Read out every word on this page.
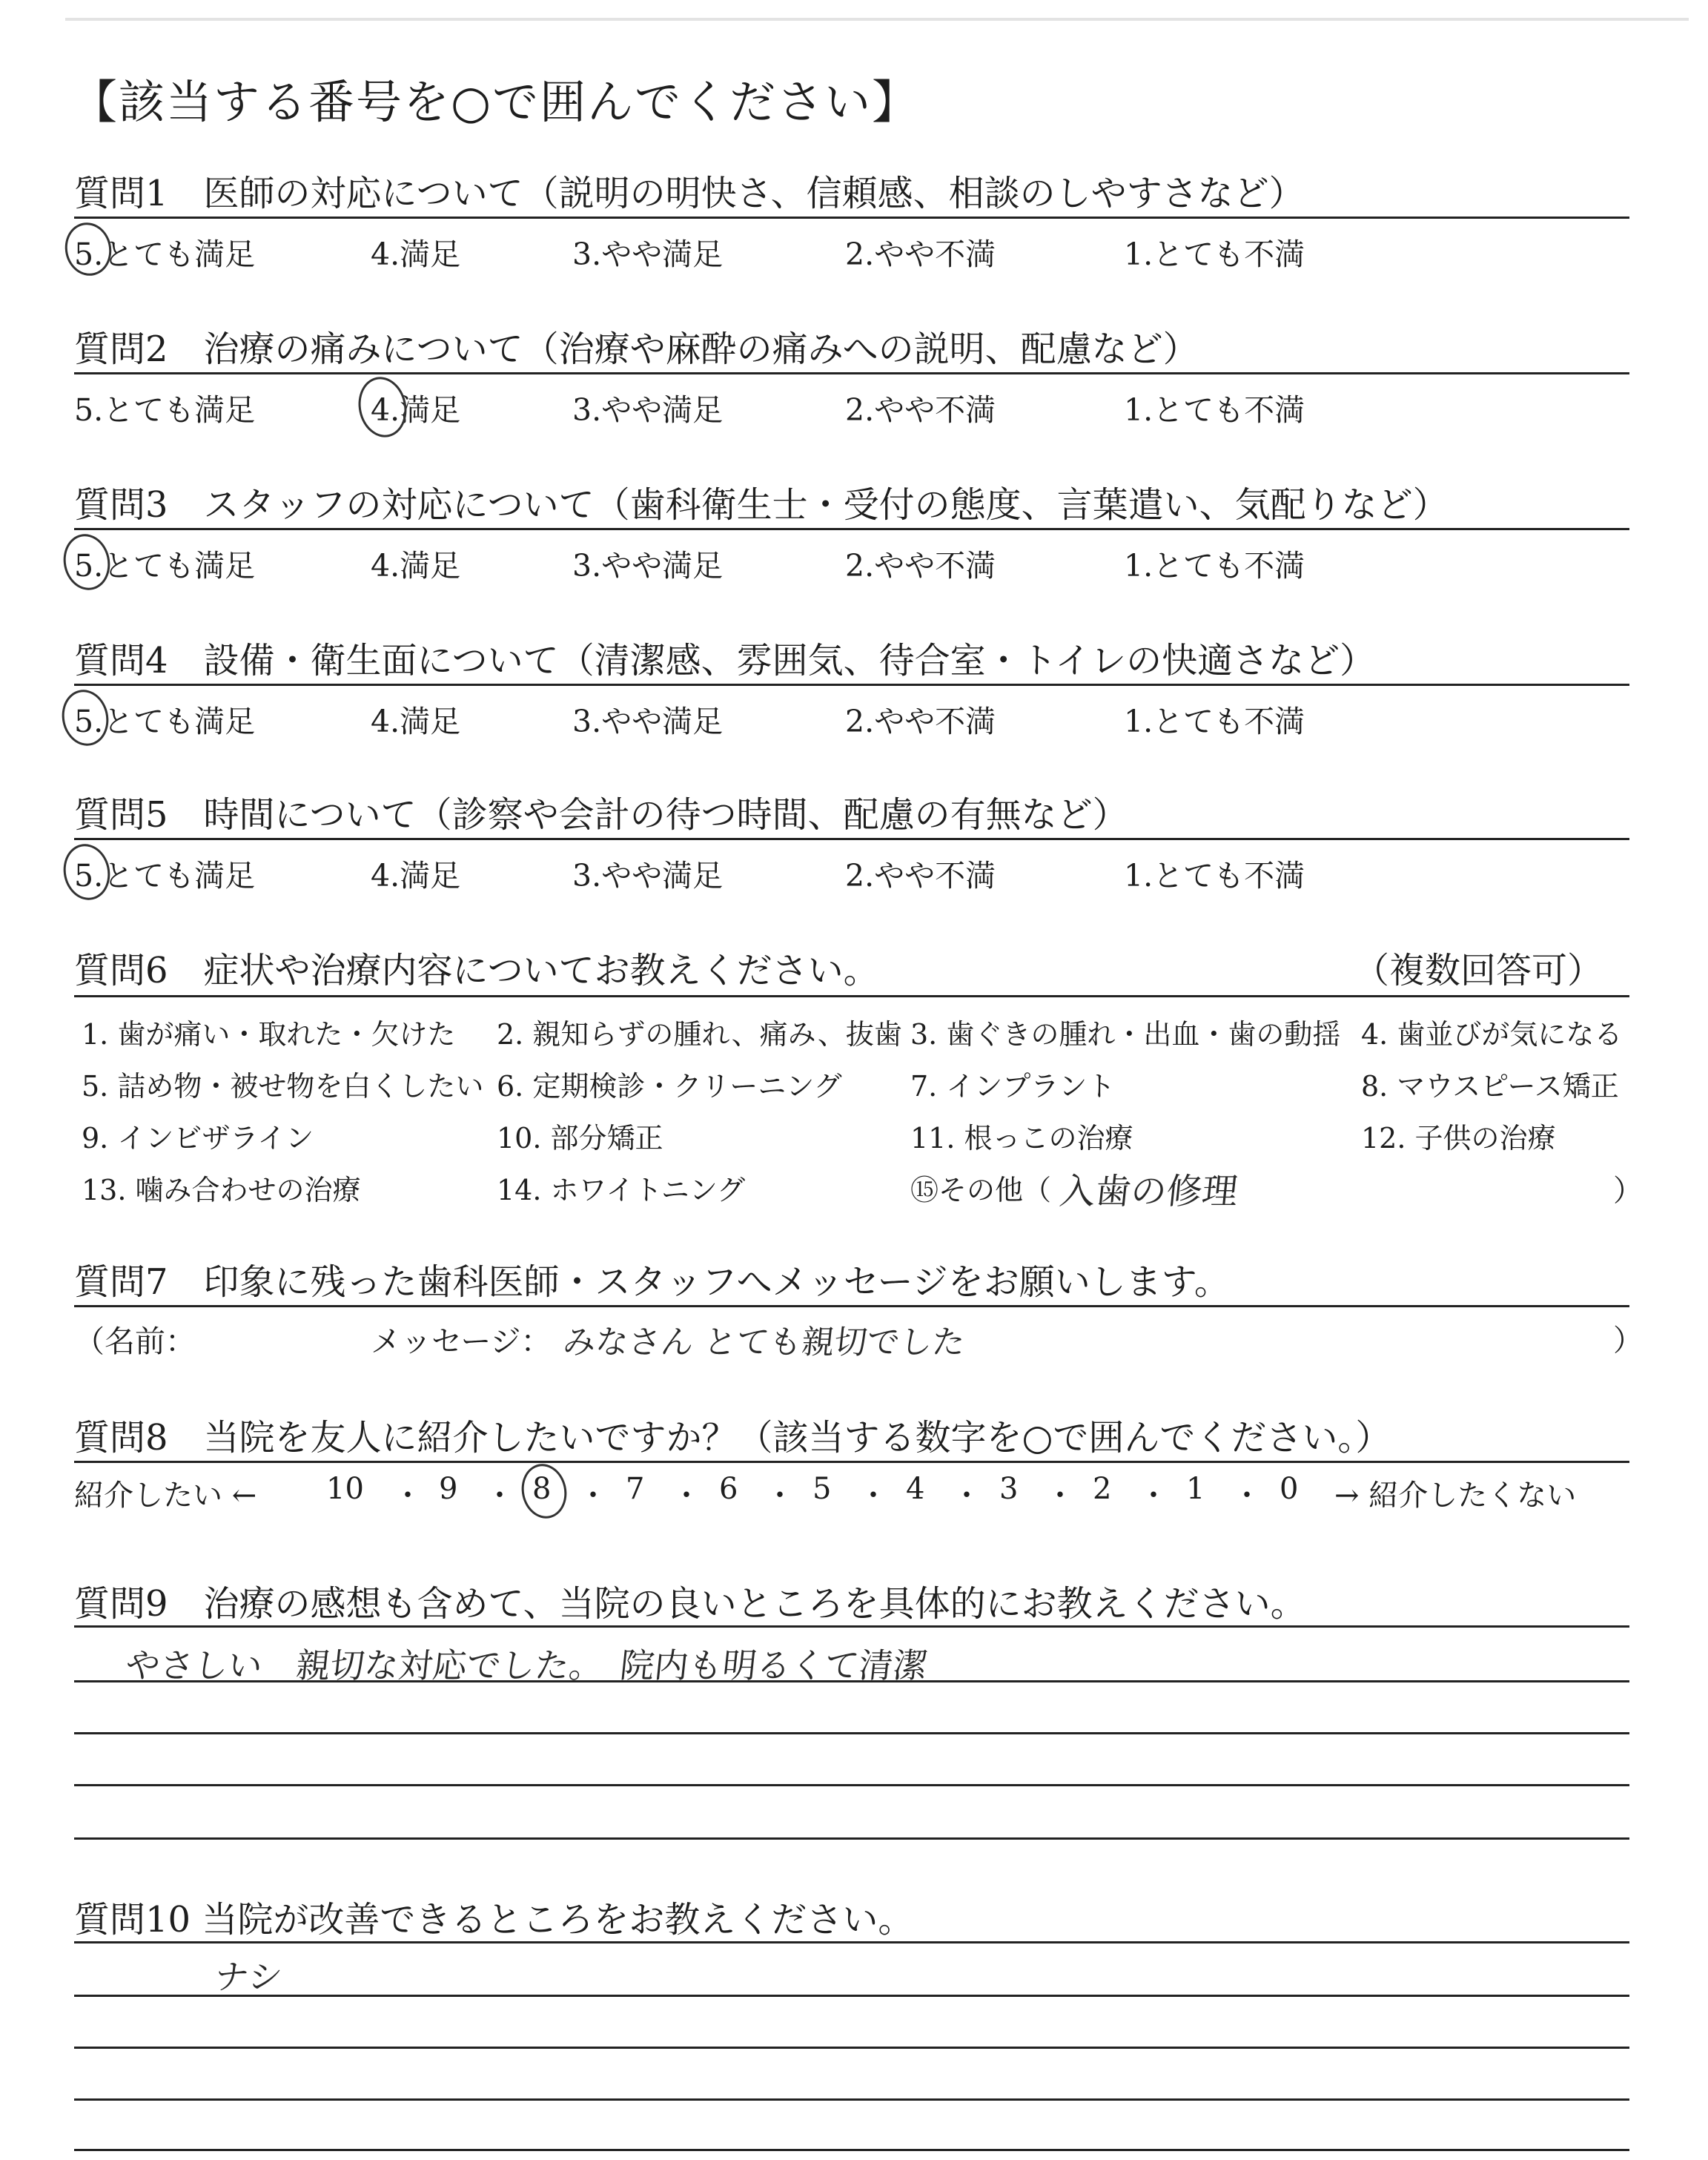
【該当する番号を○で囲んでください】
質問1　医師の対応について（説明の明快さ、信頼感、相談のしやすさなど）
5.とても満足	4.満足	3.やや満足	2.やや不満	1.とても不満
質問2　治療の痛みについて（治療や麻酔の痛みへの説明、配慮など）
5.とても満足	4.満足	3.やや満足	2.やや不満	1.とても不満
質問3　スタッフの対応について（歯科衛生士・受付の態度、言葉遣い、気配りなど）
5.とても満足	4.満足	3.やや満足	2.やや不満	1.とても不満
質問4　設備・衛生面について（清潔感、雰囲気、待合室・トイレの快適さなど）
5.とても満足	4.満足	3.やや満足	2.やや不満	1.とても不満
質問5　時間について（診察や会計の待つ時間、配慮の有無など）
5.とても満足	4.満足	3.やや満足	2.やや不満	1.とても不満
質問6　症状や治療内容についてお教えください。	（複数回答可）
1. 歯が痛い・取れた・欠けた 2. 親知らずの腫れ、痛み、抜歯 3. 歯ぐきの腫れ・出血・歯の動揺 4. 歯並びが気になる
5. 詰め物・被せ物を白くしたい 6. 定期検診・クリーニング 7. インプラント	8. マウスピース矯正
9. インビザライン	10. 部分矯正	11. 根っこの治療	12. 子供の治療
13. 噛み合わせの治療	14. ホワイトニング	⑮その他（ 入歯の修理	）
質問7　印象に残った歯科医師・スタッフへメッセージをお願いします。
（名前：	メッセージ： みなさん とても親切でした	）
質問8　当院を友人に紹介したいですか？（該当する数字を○で囲んでください。）
紹介したい ← 10 ・ 9 ・ 8 ・ 7 ・ 6 ・ 5 ・ 4 ・ 3 ・ 2 ・ 1 ・ 0 → 紹介したくない
質問9　治療の感想も含めて、当院の良いところを具体的にお教えください。
やさしい　親切な対応でした。　院内も明るくて清潔
質問10 当院が改善できるところをお教えください。
ナシ
